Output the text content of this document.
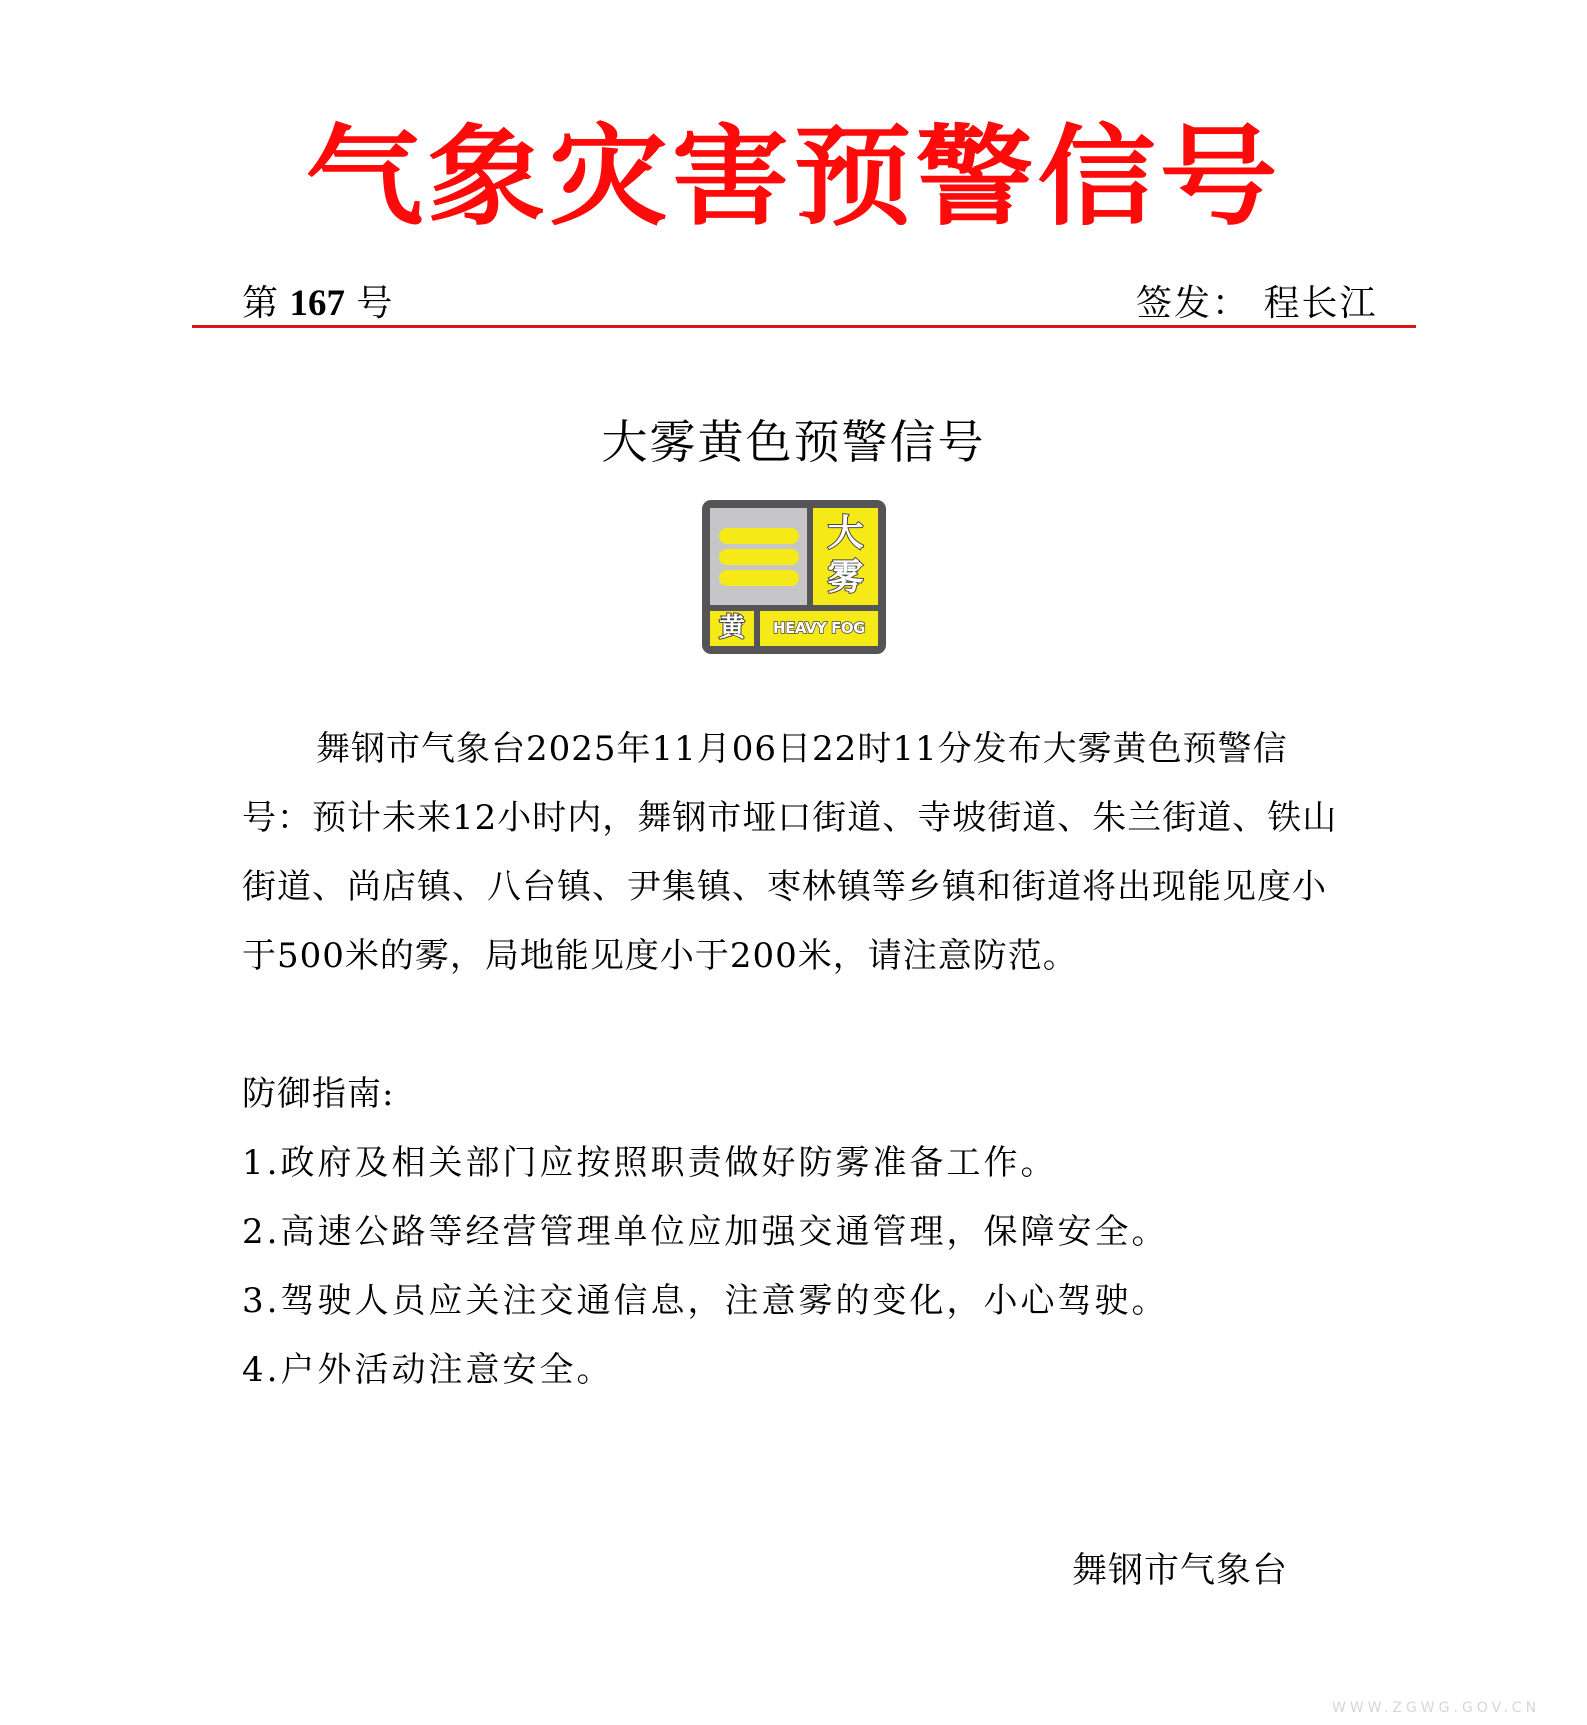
气象灾害预警信号
第 167 号	签发： 程长江
大雾黄色预警信号
大
雾
黄	HEAVY FOG
舞钢市气象台2025年11月06日22时11分发布大雾黄色预警信号：预计未来12小时内，舞钢市垭口街道、寺坡街道、朱兰街道、铁山街道、尚店镇、八台镇、尹集镇、枣林镇等乡镇和街道将出现能见度小于500米的雾，局地能见度小于200米，请注意防范。
防御指南:
1.政府及相关部门应按照职责做好防雾准备工作。
2.高速公路等经营管理单位应加强交通管理，保障安全。
3.驾驶人员应关注交通信息，注意雾的变化，小心驾驶。
4.户外活动注意安全。
舞钢市气象台
WWW.ZGWG.GOV.CN
